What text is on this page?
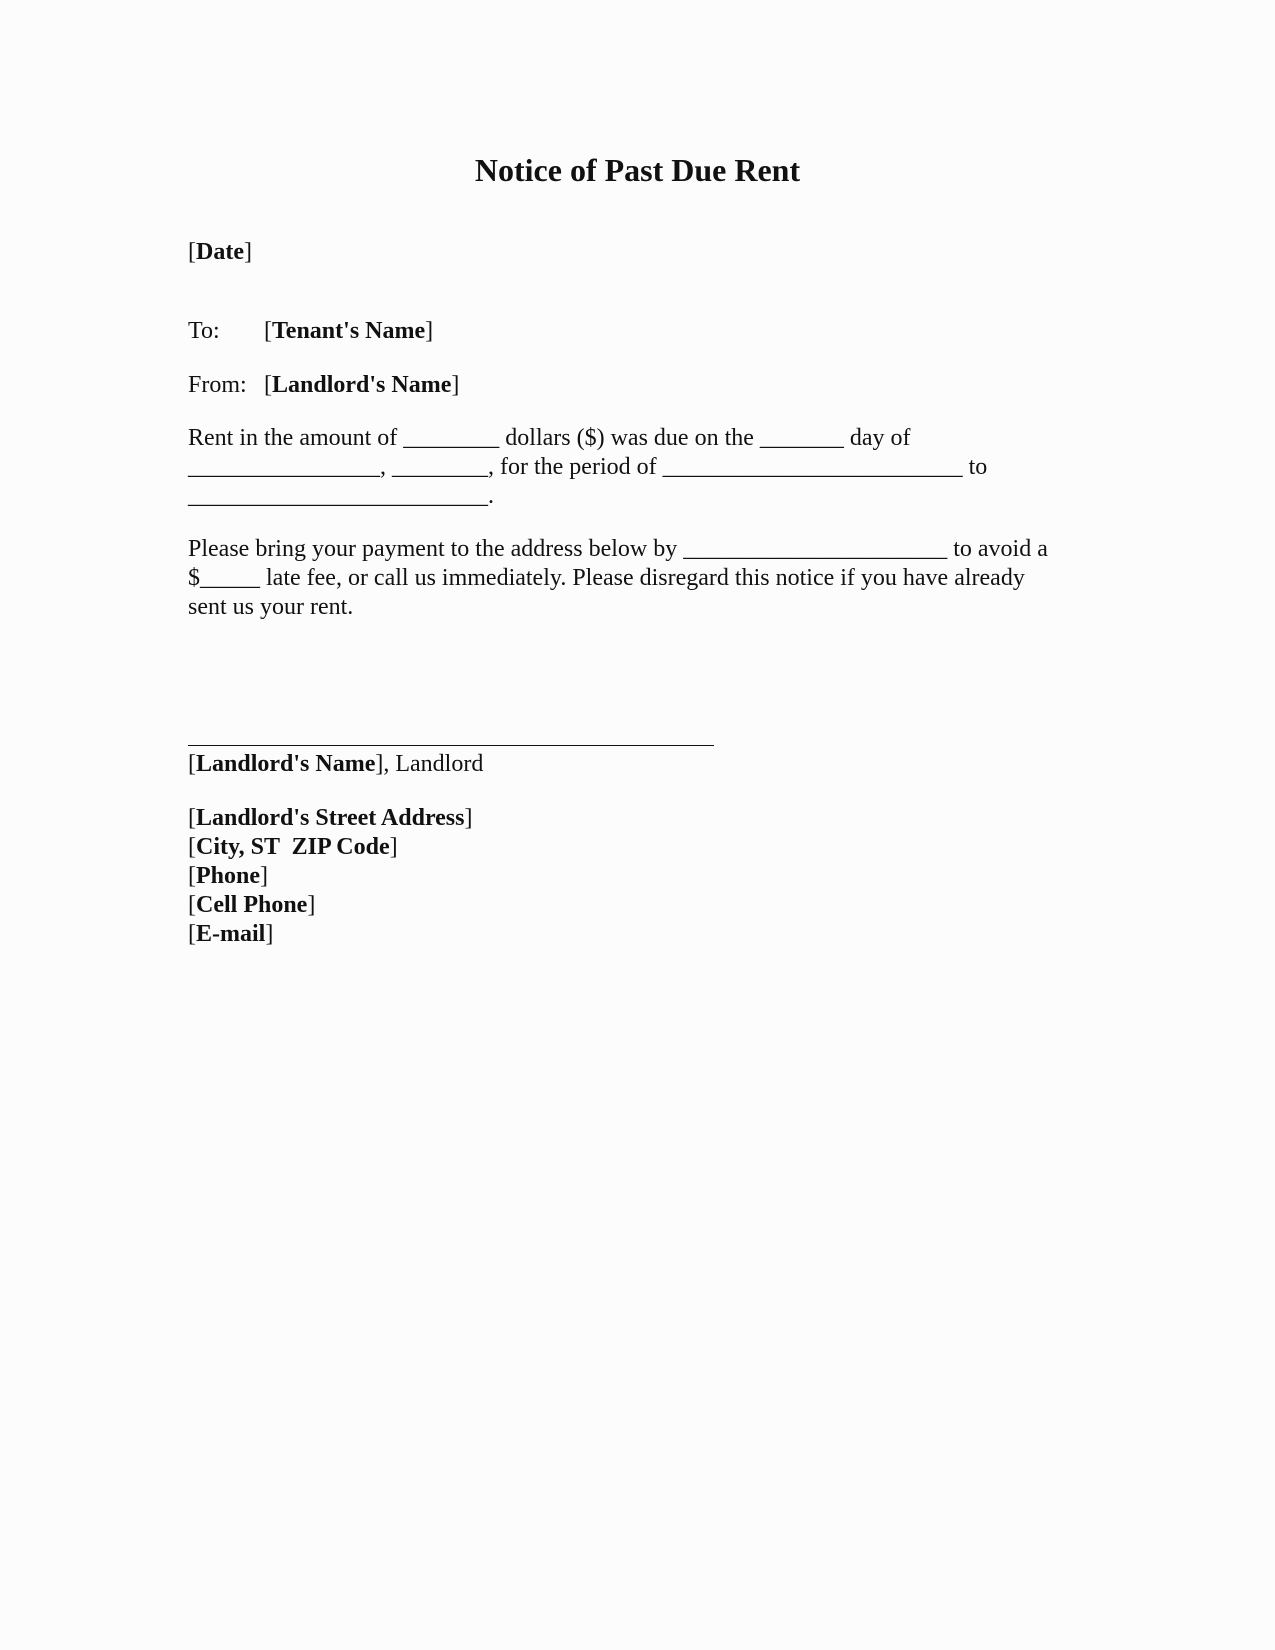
Notice of Past Due Rent
[Date]
To: [Tenant's Name]
From: [Landlord's Name]
Rent in the amount of ________ dollars ($) was due on the _______ day of
________________, ________, for the period of _________________________ to
_________________________.
Please bring your payment to the address below by ______________________ to avoid a
$_____ late fee, or call us immediately. Please disregard this notice if you have already
sent us your rent.
[Landlord's Name], Landlord
[Landlord's Street Address]
[City, ST  ZIP Code]
[Phone]
[Cell Phone]
[E-mail]
